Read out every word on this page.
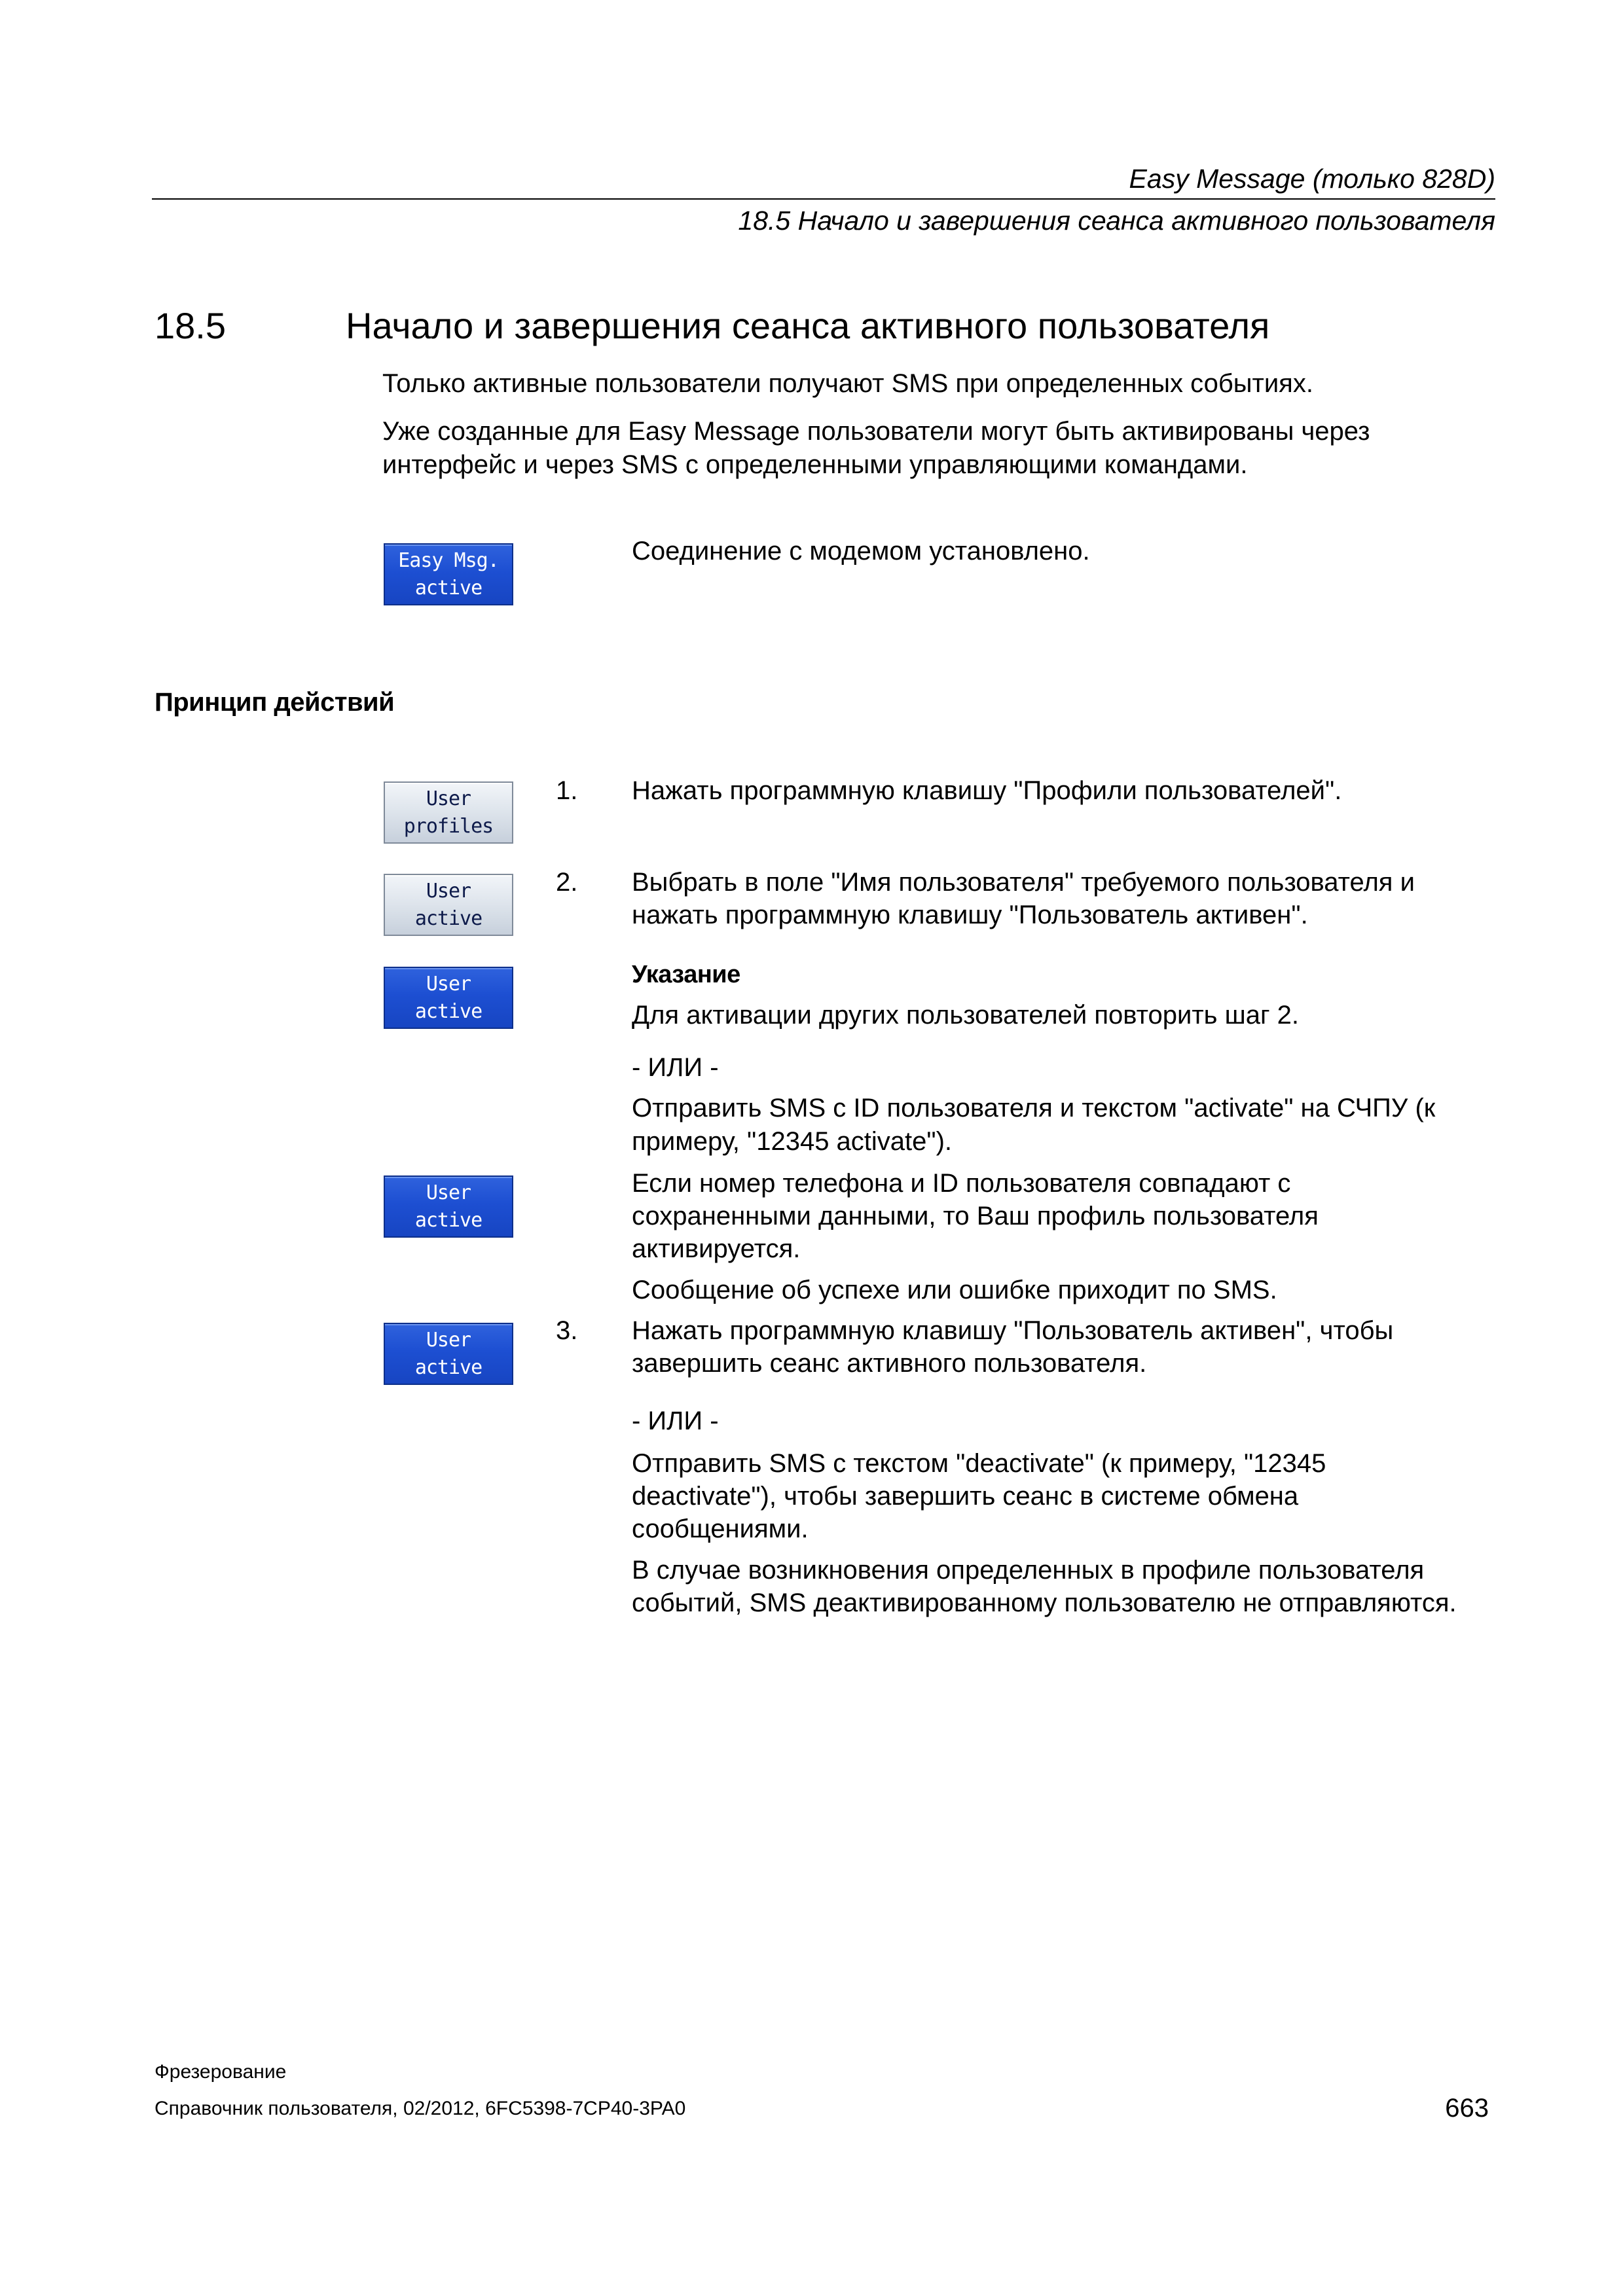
Easy Message (только 828D)
18.5 Начало и завершения сеанса активного пользователя
18.5	Начало и завершения сеанса активного пользователя
Только активные пользователи получают SMS при определенных событиях.
Уже созданные для Easy Message пользователи могут быть активированы через
интерфейс и через SMS с определенными управляющими командами.
Easy Msg.
active
Соединение с модемом установлено.
Принцип действий
User
profiles
1. Нажать программную клавишу "Профили пользователей".
User
active
2. Выбрать в поле "Имя пользователя" требуемого пользователя и
нажать программную клавишу "Пользователь активен".
User
active
Указание
Для активации других пользователей повторить шаг 2.
- ИЛИ -
Отправить SMS с ID пользователя и текстом "activate" на СЧПУ (к
примеру, "12345 activate").
User
active
Если номер телефона и ID пользователя совпадают с
сохраненными данными, то Ваш профиль пользователя
активируется.
Сообщение об успехе или ошибке приходит по SMS.
User
active
3. Нажать программную клавишу "Пользователь активен", чтобы
завершить сеанс активного пользователя.
- ИЛИ -
Отправить SMS с текстом "deactivate" (к примеру, "12345
deactivate"), чтобы завершить сеанс в системе обмена
сообщениями.
В случае возникновения определенных в профиле пользователя
событий, SMS деактивированному пользователю не отправляются.
Фрезерование
Справочник пользователя, 02/2012, 6FC5398-7CP40-3PA0	663
